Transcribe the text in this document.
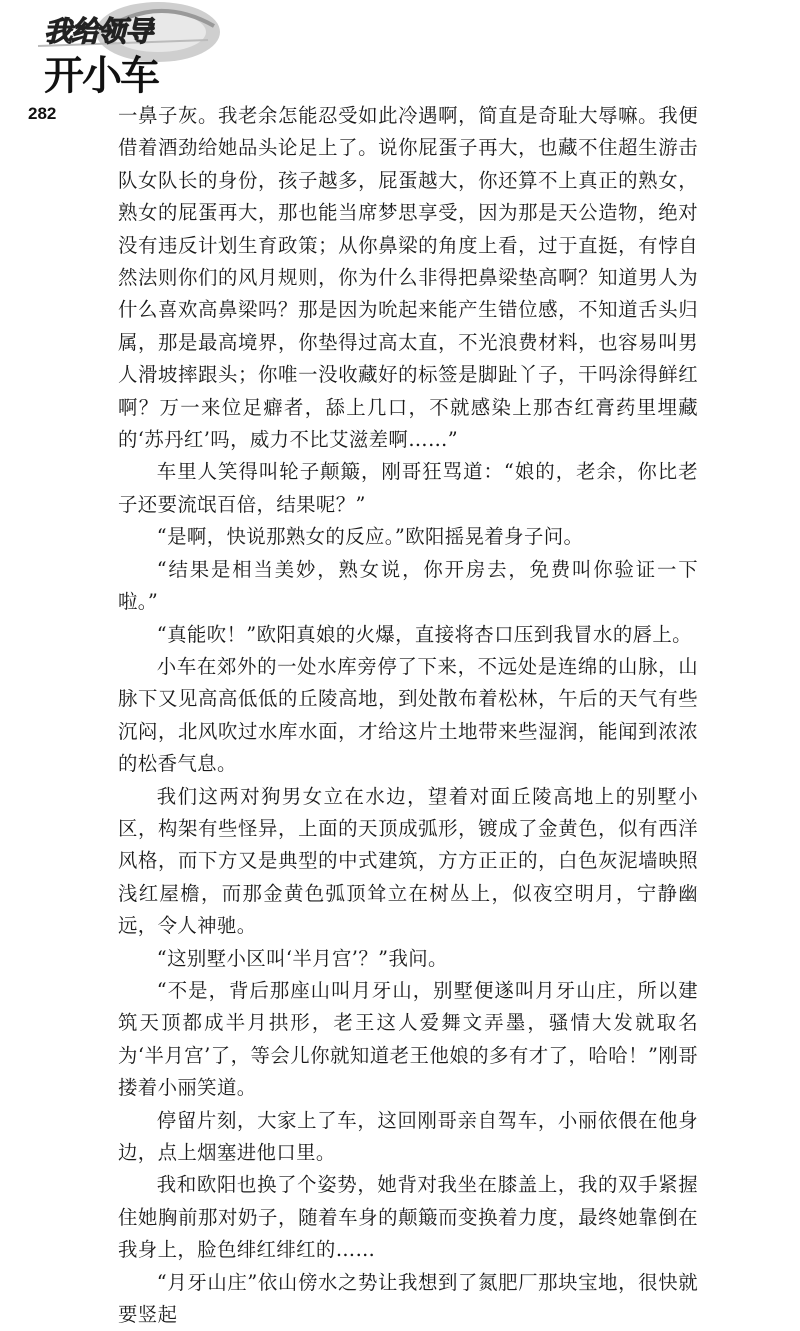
我给领导
开小车
282	一鼻子灰。我老余怎能忍受如此冷遇啊，简直是奇耻大辱嘛。我便借着酒劲给她品头论足上了。说你屁蛋子再大，也藏不住超生游击队女队长的身份，孩子越多，屁蛋越大，你还算不上真正的熟女，熟女的屁蛋再大，那也能当席梦思享受，因为那是天公造物，绝对没有违反计划生育政策；从你鼻梁的角度上看，过于直挺，有悖自然法则你们的风月规则，你为什么非得把鼻梁垫高啊？知道男人为什么喜欢高鼻梁吗？那是因为吮起来能产生错位感，不知道舌头归属，那是最高境界，你垫得过高太直，不光浪费材料，也容易叫男人滑坡摔跟头；你唯一没收藏好的标签是脚趾丫子，干吗涂得鲜红啊？万一来位足癖者，舔上几口，不就感染上那杏红膏药里埋藏的‘苏丹红’吗，威力不比艾滋差啊……”

车里人笑得叫轮子颠簸，刚哥狂骂道：“娘的，老余，你比老子还要流氓百倍，结果呢？”

“是啊，快说那熟女的反应。”欧阳摇晃着身子问。

“结果是相当美妙，熟女说，你开房去，免费叫你验证一下啦。”

“真能吹！”欧阳真娘的火爆，直接将杏口压到我冒水的唇上。

小车在郊外的一处水库旁停了下来，不远处是连绵的山脉，山脉下又见高高低低的丘陵高地，到处散布着松林，午后的天气有些沉闷，北风吹过水库水面，才给这片土地带来些湿润，能闻到浓浓的松香气息。

我们这两对狗男女立在水边，望着对面丘陵高地上的别墅小区，构架有些怪异，上面的天顶成弧形，镀成了金黄色，似有西洋风格，而下方又是典型的中式建筑，方方正正的，白色灰泥墙映照浅红屋檐，而那金黄色弧顶耸立在树丛上，似夜空明月，宁静幽远，令人神驰。

“这别墅小区叫‘半月宫’？”我问。

“不是，背后那座山叫月牙山，别墅便遂叫月牙山庄，所以建筑天顶都成半月拱形，老王这人爱舞文弄墨，骚情大发就取名为‘半月宫’了，等会儿你就知道老王他娘的多有才了，哈哈！”刚哥搂着小丽笑道。

停留片刻，大家上了车，这回刚哥亲自驾车，小丽依偎在他身边，点上烟塞进他口里。

我和欧阳也换了个姿势，她背对我坐在膝盖上，我的双手紧握住她胸前那对奶子，随着车身的颠簸而变换着力度，最终她靠倒在我身上，脸色绯红绯红的……

“月牙山庄”依山傍水之势让我想到了氮肥厂那块宝地，很快就要竖起
